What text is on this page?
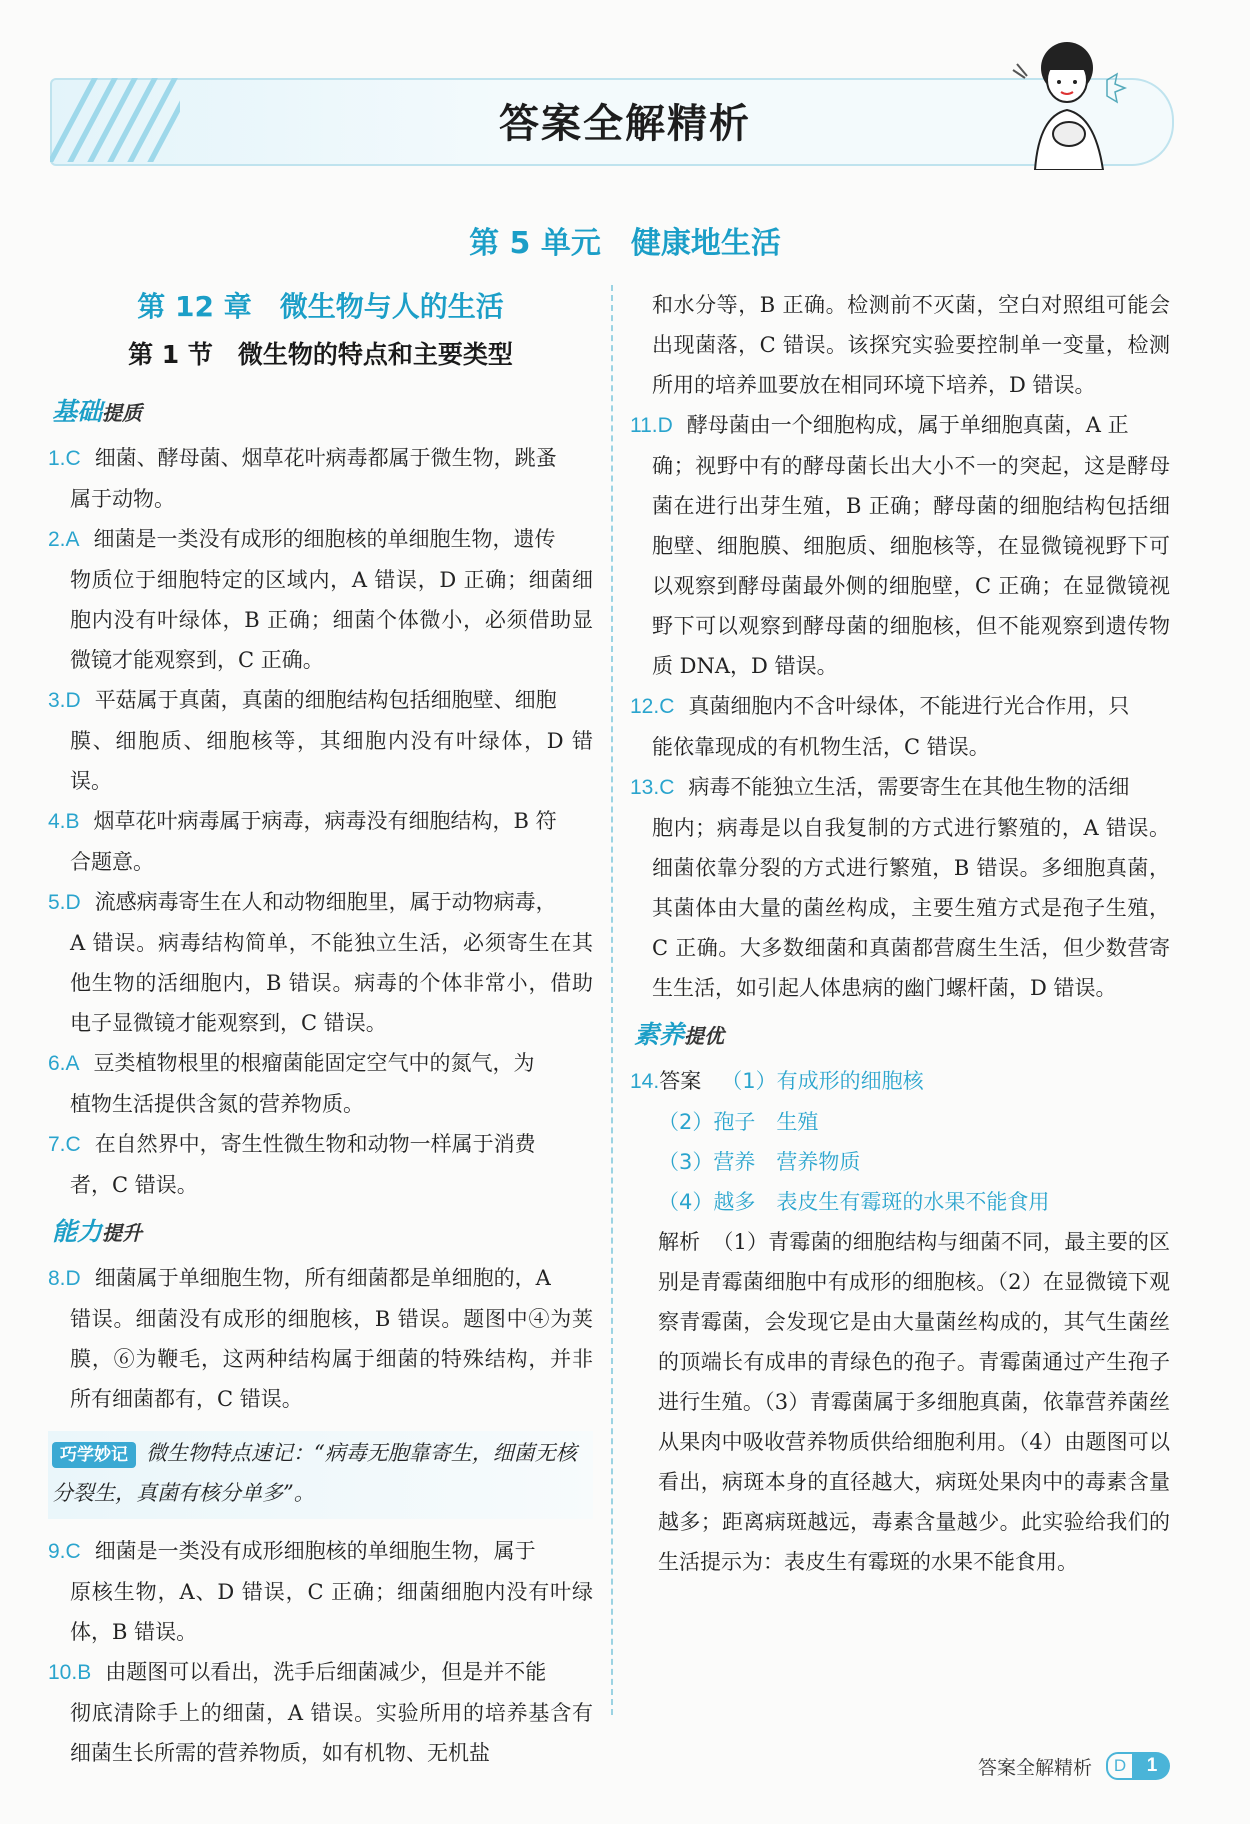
答案全解精析
第 5 单元　健康地生活
第 12 章　微生物与人的生活
第 1 节　微生物的特点和主要类型
基础提质
1.C 细菌、酵母菌、烟草花叶病毒都属于微生物，跳蚤
属于动物。
2.A 细菌是一类没有成形的细胞核的单细胞生物，遗传
物质位于细胞特定的区域内，A 错误，D 正确；细菌细胞内没有叶绿体，B 正确；细菌个体微小，必须借助显微镜才能观察到，C 正确。
3.D 平菇属于真菌，真菌的细胞结构包括细胞壁、细胞
膜、细胞质、细胞核等，其细胞内没有叶绿体，D 错误。
4.B 烟草花叶病毒属于病毒，病毒没有细胞结构，B 符
合题意。
5.D 流感病毒寄生在人和动物细胞里，属于动物病毒，
A 错误。病毒结构简单，不能独立生活，必须寄生在其他生物的活细胞内，B 错误。病毒的个体非常小，借助电子显微镜才能观察到，C 错误。
6.A 豆类植物根里的根瘤菌能固定空气中的氮气，为
植物生活提供含氮的营养物质。
7.C 在自然界中，寄生性微生物和动物一样属于消费
者，C 错误。
能力提升
8.D 细菌属于单细胞生物，所有细菌都是单细胞的，A
错误。细菌没有成形的细胞核，B 错误。题图中④为荚膜，⑥为鞭毛，这两种结构属于细菌的特殊结构，并非所有细菌都有，C 错误。
巧学妙记 微生物特点速记：“病毒无胞靠寄生，细菌无核分裂生，真菌有核分单多”。
9.C 细菌是一类没有成形细胞核的单细胞生物，属于
原核生物，A、D 错误，C 正确；细菌细胞内没有叶绿体，B 错误。
10.B 由题图可以看出，洗手后细菌减少，但是并不能
彻底清除手上的细菌，A 错误。实验所用的培养基含有细菌生长所需的营养物质，如有机物、无机盐
和水分等，B 正确。检测前不灭菌，空白对照组可能会出现菌落，C 错误。该探究实验要控制单一变量，检测所用的培养皿要放在相同环境下培养，D 错误。
11.D 酵母菌由一个细胞构成，属于单细胞真菌，A 正
确；视野中有的酵母菌长出大小不一的突起，这是酵母菌在进行出芽生殖，B 正确；酵母菌的细胞结构包括细胞壁、细胞膜、细胞质、细胞核等，在显微镜视野下可以观察到酵母菌最外侧的细胞壁，C 正确；在显微镜视野下可以观察到酵母菌的细胞核，但不能观察到遗传物质 DNA，D 错误。
12.C 真菌细胞内不含叶绿体，不能进行光合作用，只
能依靠现成的有机物生活，C 错误。
13.C 病毒不能独立生活，需要寄生在其他生物的活细
胞内；病毒是以自我复制的方式进行繁殖的，A 错误。细菌依靠分裂的方式进行繁殖，B 错误。多细胞真菌，其菌体由大量的菌丝构成，主要生殖方式是孢子生殖，C 正确。大多数细菌和真菌都营腐生生活，但少数营寄生生活，如引起人体患病的幽门螺杆菌，D 错误。
素养提优
14.答案 （1）有成形的细胞核
（2）孢子　生殖
（3）营养　营养物质
（4）越多　表皮生有霉斑的水果不能食用
解析 （1）青霉菌的细胞结构与细菌不同，最主要的区别是青霉菌细胞中有成形的细胞核。（2）在显微镜下观察青霉菌，会发现它是由大量菌丝构成的，其气生菌丝的顶端长有成串的青绿色的孢子。青霉菌通过产生孢子进行生殖。（3）青霉菌属于多细胞真菌，依靠营养菌丝从果肉中吸收营养物质供给细胞利用。（4）由题图可以看出，病斑本身的直径越大，病斑处果肉中的毒素含量越多；距离病斑越远，毒素含量越少。此实验给我们的生活提示为：表皮生有霉斑的水果不能食用。
答案全解精析	D	1
